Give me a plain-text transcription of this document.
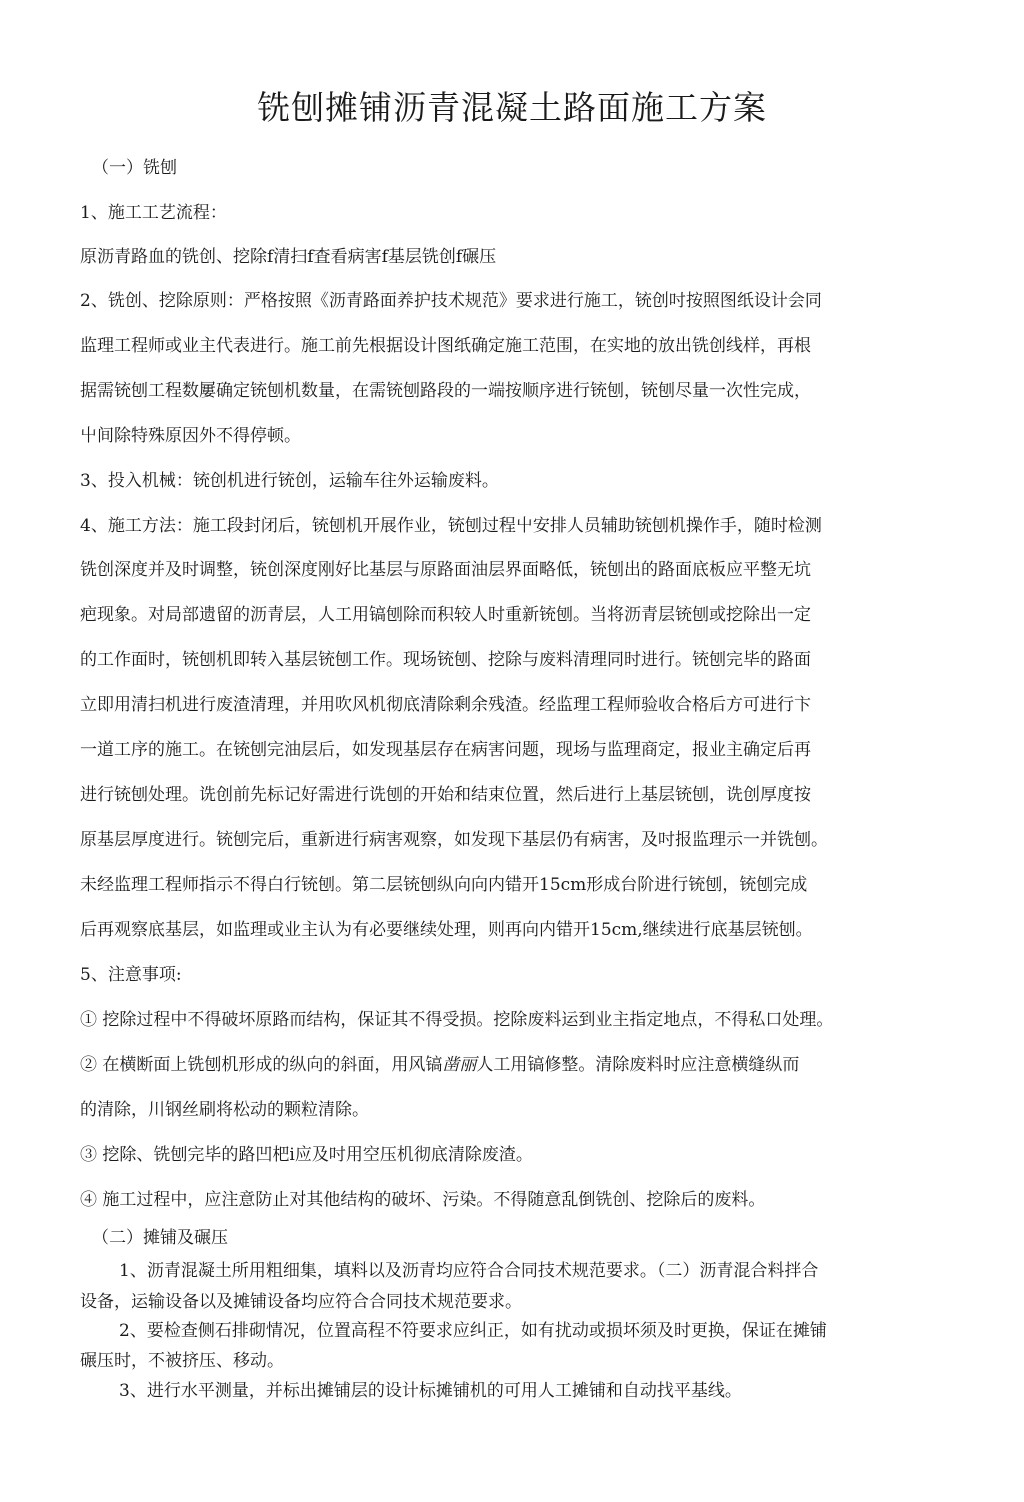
铣刨摊铺沥青混凝土路面施工方案

（一）铣刨

1、施工工艺流程：

原沥青路血的铣创、挖除f清扫f査看病害f基层铣创f碾压

2、铣创、挖除原则：严格按照《沥青路面养护技术规范》要求进行施工，铳创吋按照图纸设计会同

监理工程师或业主代表进行。施工前先根据设计图纸确定施工范围，在实地的放出铣创线样，再根

据需铳刨工程数屢确定铳刨机数量，在需铳刨路段的一端按顺序进行铳刨，铳刨尽量一次性完成，

屮间除特殊原因外不得停顿。

3、投入机械：铳创机进行铳创，运输车往外运输废料。

4、施工方法：施工段封闭后，铳刨机开展作业，铳刨过程屮安排人员辅助铳刨机操作手，随时检测

铣创深度并及时调整，铳创深度刚好比基层与原路面油层界面略低，铳刨出的路面底板应平整无坑

疤现象。对局部遗留的沥青层，人工用镐刨除而积较人时重新铳刨。当将沥青层铳刨或挖除出一定

的工作面时，铳刨机即转入基层铳刨工作。现场铳刨、挖除与废料清理同时进行。铳刨完毕的路面

立即用清扫机进行废渣清理，并用吹风机彻底清除剩余残渣。经监理工程师验收合格后方可进行卞

一道工序的施工。在铳刨完油层后，如发现基层存在病害问题，现场与监理商定，报业主确定后再

进行铳刨处理。诜创前先标记好需进行诜刨的开始和结束位置，然后进行上基层铳刨，诜创厚度按

原基层厚度进行。铳刨完后，重新进行病害观察，如发现下基层仍有病害，及吋报监理示一并铣刨。

未经监理工程师指示不得白行铳刨。第二层铳刨纵向向内错开15cm形成台阶进行铳刨，铳刨完成

后再观察底基层，如监理或业主认为有必要继续处理，则再向内错开15cm,继续进行底基层铳刨。

5、注意事项:

① 挖除过程中不得破坏原路而结构，保证其不得受损。挖除废料运到业主指定地点，不得私口处理。

② 在横断面上铣刨机形成的纵向的斜面，用风镐凿丽人工用镐修整。清除废料时应注意横缝纵而

的清除，川钢丝刷将松动的颗粒清除。

③ 挖除、铣刨完毕的路凹杷i应及吋用空压机彻底清除废渣。

④ 施工过程中，应注意防止对其他结构的破坏、污染。不得随意乱倒铣创、挖除后的废料。

（二）摊铺及碾压

1、沥青混凝土所用粗细集，填料以及沥青均应符合合同技术规范要求。（二）沥青混合料拌合

设备，运输设备以及摊铺设备均应符合合同技术规范要求。

2、要检查侧石排砌情况，位置高程不符要求应纠正，如有扰动或损坏须及时更换，保证在摊铺

碾压时，不被挤压、移动。

3、进行水平测量，并标出摊铺层的设计标摊铺机的可用人工摊铺和自动找平基线。
